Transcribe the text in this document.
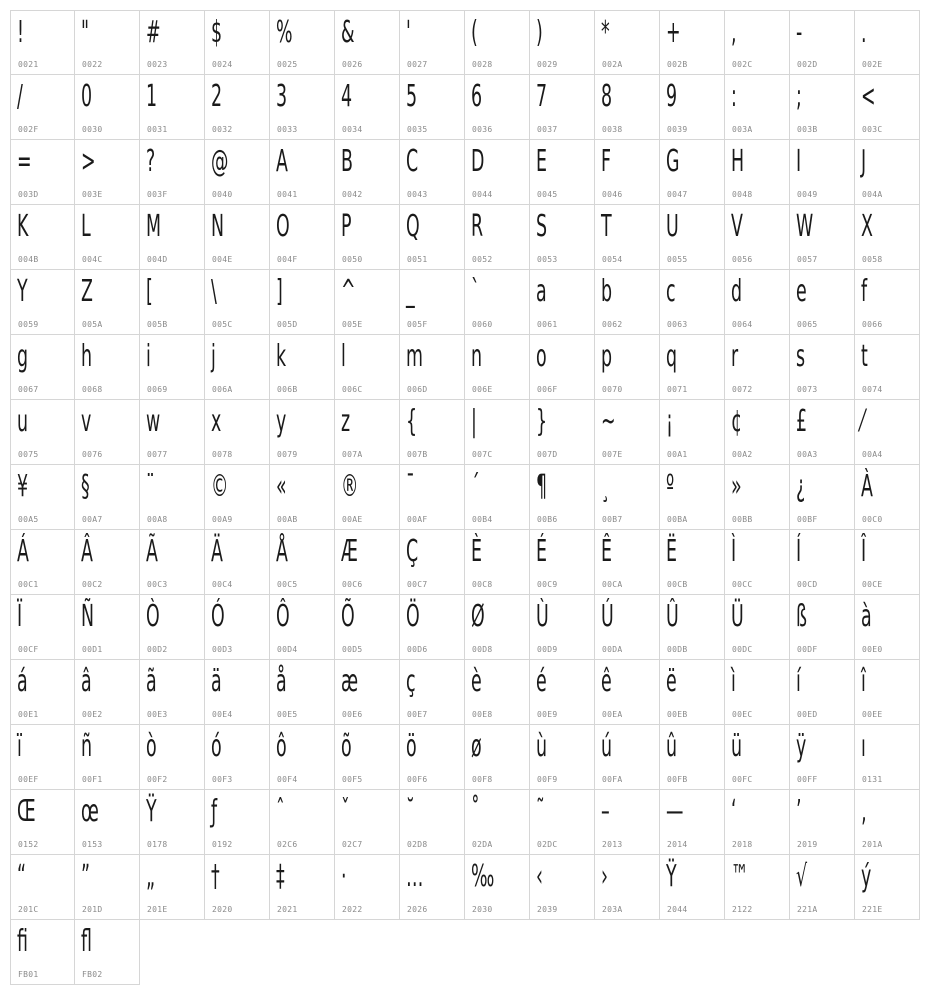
!
0021
"
0022
#
0023
$
0024
%
0025
&
0026
'
0027
(
0028
)
0029
*
002A
+
002B
,
002C
-
002D
.
002E
/
002F
0
0030
1
0031
2
0032
3
0033
4
0034
5
0035
6
0036
7
0037
8
0038
9
0039
:
003A
;
003B
<
003C
=
003D
>
003E
?
003F
@
0040
A
0041
B
0042
C
0043
D
0044
E
0045
F
0046
G
0047
H
0048
I
0049
J
004A
K
004B
L
004C
M
004D
N
004E
O
004F
P
0050
Q
0051
R
0052
S
0053
T
0054
U
0055
V
0056
W
0057
X
0058
Y
0059
Z
005A
[
005B
\
005C
]
005D
^
005E
_
005F
`
0060
a
0061
b
0062
c
0063
d
0064
e
0065
f
0066
g
0067
h
0068
i
0069
j
006A
k
006B
l
006C
m
006D
n
006E
o
006F
p
0070
q
0071
r
0072
s
0073
t
0074
u
0075
v
0076
w
0077
x
0078
y
0079
z
007A
{
007B
|
007C
}
007D
~
007E
¡
00A1
¢
00A2
£
00A3
⁄
00A4
¥
00A5
§
00A7
¨
00A8
©
00A9
«
00AB
®
00AE
¯
00AF
´
00B4
¶
00B6
¸
00B7
º
00BA
»
00BB
¿
00BF
À
00C0
Á
00C1
Â
00C2
Ã
00C3
Ä
00C4
Å
00C5
Æ
00C6
Ç
00C7
È
00C8
É
00C9
Ê
00CA
Ë
00CB
Ì
00CC
Í
00CD
Î
00CE
Ï
00CF
Ñ
00D1
Ò
00D2
Ó
00D3
Ô
00D4
Õ
00D5
Ö
00D6
Ø
00D8
Ù
00D9
Ú
00DA
Û
00DB
Ü
00DC
ß
00DF
à
00E0
á
00E1
â
00E2
ã
00E3
ä
00E4
å
00E5
æ
00E6
ç
00E7
è
00E8
é
00E9
ê
00EA
ë
00EB
ì
00EC
í
00ED
î
00EE
ï
00EF
ñ
00F1
ò
00F2
ó
00F3
ô
00F4
õ
00F5
ö
00F6
ø
00F8
ù
00F9
ú
00FA
û
00FB
ü
00FC
ÿ
00FF
ı
0131
Œ
0152
œ
0153
Ÿ
0178
ƒ
0192
ˆ
02C6
ˇ
02C7
˘
02D8
˚
02DA
˜
02DC
–
2013
—
2014
‘
2018
’
2019
‚
201A
“
201C
”
201D
„
201E
†
2020
‡
2021
·
2022
…
2026
‰
2030
‹
2039
›
203A
Ÿ
2044
™
2122
√
221A
ý
221E
ﬁ
FB01
ﬂ
FB02
